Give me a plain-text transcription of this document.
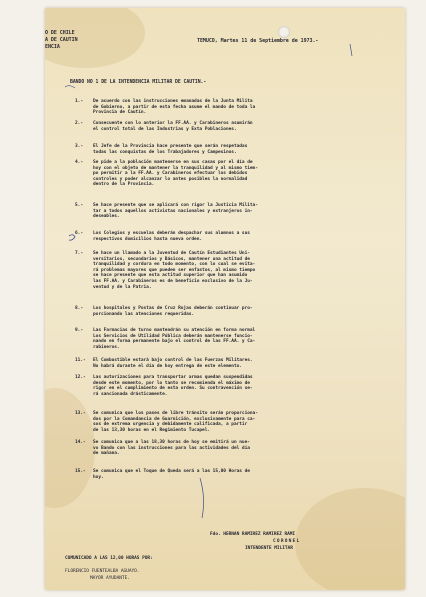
O DE CHILE
A DE CAUTIN
ENCIA
TEMUCO, Martes 11 de Septiembre de 1973.-
BANDO NO 1 DE LA INTENDENCIA MILITAR DE CAUTIN.-
1.- De acuerdo con las instrucciones emanadas de la Junta Milita
de Gobierno, a partir de esta fecha asume el mando de toda la
Provincia de Cautín.
2.- Consecuente con lo anterior la FF.AA. y Carabineros asumirán
el control total de las Industrias y Exta Poblaciones.
3.- El Jefe de la Provincia hace presente que serán respetadas
todas las conquistas de los Trabajadores y Campesinos.
4.- Se pide a la población mantenerse en sus casas por el día de
hoy con el objeto de mantener la tranquilidad y al mismo tiem-
po permitir a la FF.AA. y Carabineros efectuar los debidos
controles y poder alcanzar lo antes posibles la normalidad
dentro de la Provincia.
5.- Se hace presente que se aplicará con rigor la Justicia Milita-
tar a todos aquellos activistas nacionales y extranjeros in-
deseables.
6.- Los Colegios y escuelas deberán despachar sus alumnos a sus
respectivos domicilios hasta nueva orden.
7.- Se hace un llamado a la Juventud de Cautín Estudiantes Uni-
versitarios, secundarios y Básicos, mantener una actitud de
tranquilidad y cordura en todo momento, con lo cual se evita-
rá problemas mayores que pueden ser enfastos, al mismo tiempo
se hace presente que esta actitud superior que han asumido
las FF.AA. y Carabineros es de beneficio exclusivo de la Ju-
ventud y de la Patria.
8.- Los hospitales y Postas de Cruz Rojas deberán continuar pro-
porcionando las atenciones requeridas.
9.- Las Farmacias de turno mantendrán su atención en forma normal
Los Servicios de Utilidad Pública deberán mantenerse funcio-
nando en forma permanente bajo el control de las FF.AA. y Ca-
rabineros.
11.- El Combustible estará bajo control de las Fuerzas Militares.
No habrá durante el día de hoy entrega de este elemento.
12.- Las autorizaciones para transportar armas quedan suspendidas
desde este momento, por lo tanto se recomienda el máximo de
rigor en el cumplimiento de esta orden. Su contravención se-
rá sancionada drásticamente.
13.- Se comunica que los pases de libre tránsito serán proporciona-
dos por la Comandancia de Guarnición, exclusivamente para ca-
sos de extrema urgencia y debidamente calificada, a partir
de las 13,30 horas en el Regimiento Tucapel.
14.- Se comunica que a las 18,30 horas de hoy se emitirá un nue-
vo Bando con las instrucciones para las actividades del día
de mañana.
15.- Se comunica que el Toque de Queda será a las 15,00 Horas de
hoy.
Fdo. HERNAN RAMIREZ RAMIREZ RAMI
CORONEL
INTENDENTE MILITAR
COMUNICADO A LAS 12,00 HORAS POR:
FLORENCIO FUENTEALBA AGUAYO.
MAYOR AYUDANTE.
